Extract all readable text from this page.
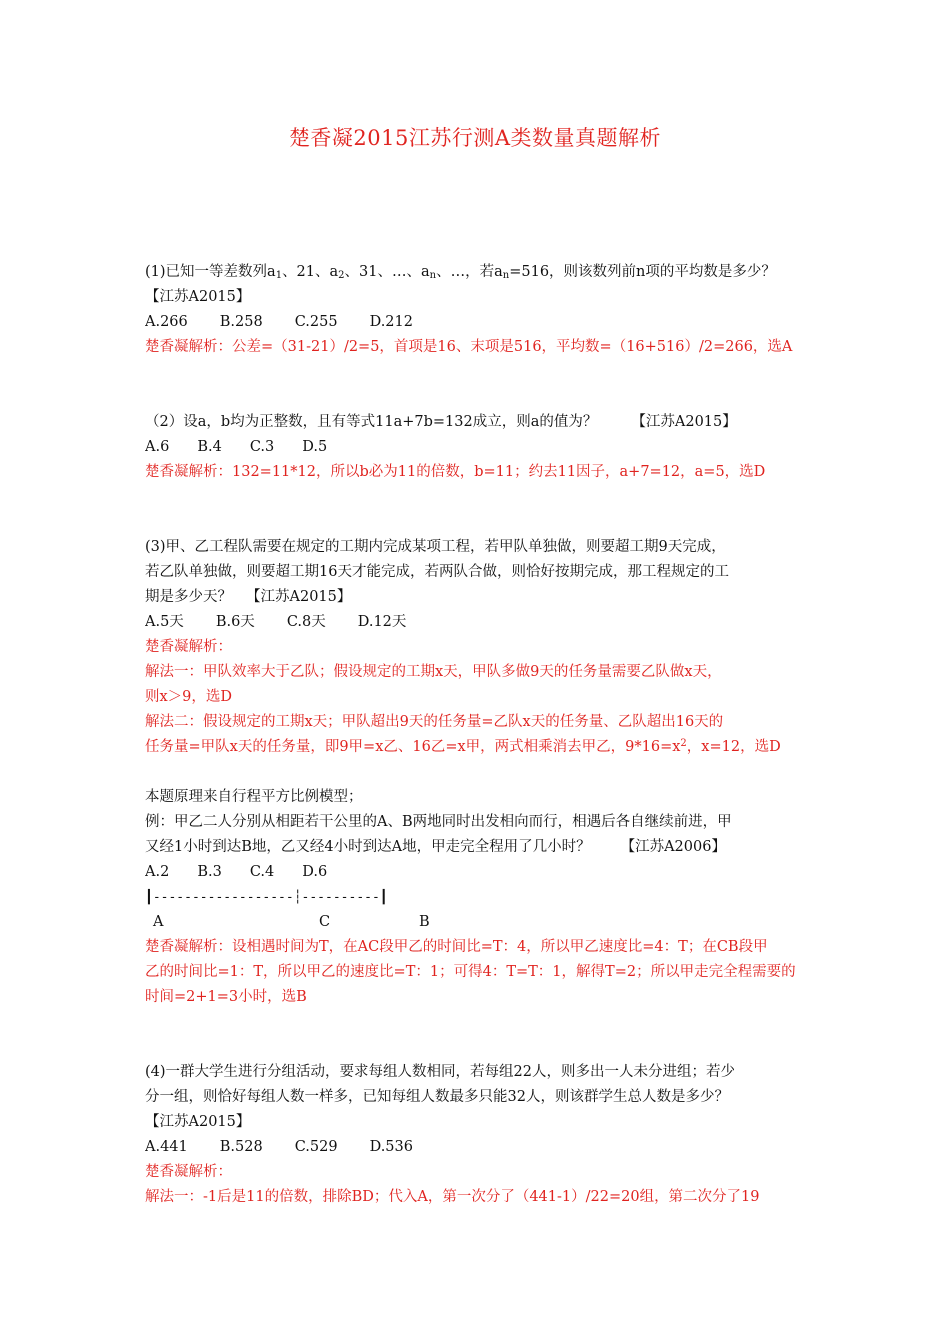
楚香凝2015江苏行测A类数量真题解析
(1)已知一等差数列$a_1$、21、$a_2$、31、…、$a_n$、…，若$a_n=516$，则该数列前n项的平均数是多少？
【江苏A2015】
A.266 B.258 C.255 D.212
楚香凝解析：公差=（31-21）/2=5，首项是16、末项是516，平均数=（16+516）/2=266，选A
（2）设a，b均为正整数，且有等式11a+7b=132成立，则a的值为？ 【江苏A2015】
A.6 B.4 C.3 D.5
楚香凝解析：132=11*12，所以b必为11的倍数，b=11；约去11因子，a+7=12，a=5，选D
(3)甲、乙工程队需要在规定的工期内完成某项工程，若甲队单独做，则要超工期9天完成，
若乙队单独做，则要超工期16天才能完成，若两队合做，则恰好按期完成，那工程规定的工
期是多少天？ 【江苏A2015】
A.5天 B.6天 C.8天 D.12天
楚香凝解析：
解法一：甲队效率大于乙队；假设规定的工期x天，甲队多做9天的任务量需要乙队做x天，
则x＞9，选D
解法二：假设规定的工期x天；甲队超出9天的任务量=乙队x天的任务量、乙队超出16天的
任务量=甲队x天的任务量，即9甲=x乙、16乙=x甲，两式相乘消去甲乙，$9*16=x^2$，x=12，选D
本题原理来自行程平方比例模型；
例：甲乙二人分别从相距若干公里的A、B两地同时出发相向而行，相遇后各自继续前进，甲
又经1小时到达B地，乙又经4小时到达A地，甲走完全程用了几小时？ 【江苏A2006】
A.2 B.3 C.4 D.6
┃------------------┆----------┃
A	C	B
楚香凝解析：设相遇时间为T，在AC段甲乙的时间比=T：4，所以甲乙速度比=4：T；在CB段甲
乙的时间比=1：T，所以甲乙的速度比=T：1；可得4：T=T：1，解得T=2；所以甲走完全程需要的
时间=2+1=3小时，选B
(4)一群大学生进行分组活动，要求每组人数相同，若每组22人，则多出一人未分进组；若少
分一组，则恰好每组人数一样多，已知每组人数最多只能32人，则该群学生总人数是多少？
【江苏A2015】
A.441 B.528 C.529 D.536
楚香凝解析：
解法一：-1后是11的倍数，排除BD；代入A，第一次分了（441-1）/22=20组，第二次分了19
